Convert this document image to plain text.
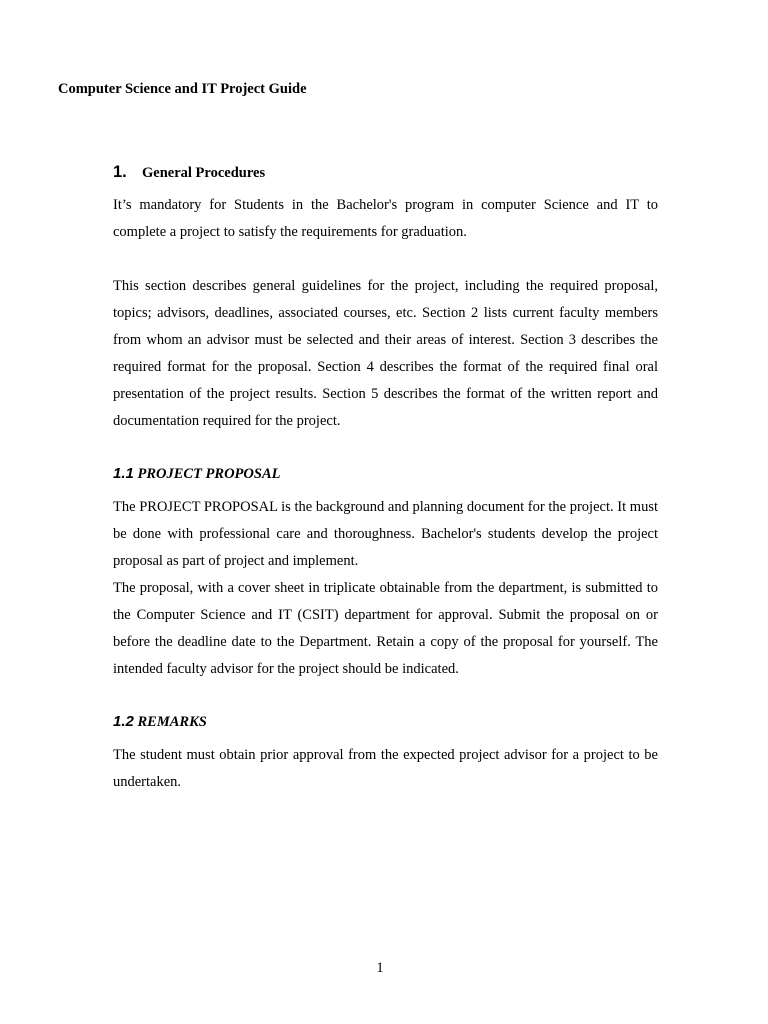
Computer Science and IT Project Guide
1. General Procedures

It’s mandatory for Students in the Bachelor's program in computer Science and IT to complete a project to satisfy the requirements for graduation.

This section describes general guidelines for the project, including the required proposal, topics; advisors, deadlines, associated courses, etc. Section 2 lists current faculty members from whom an advisor must be selected and their areas of interest. Section 3 describes the required format for the proposal. Section 4 describes the format of the required final oral presentation of the project results. Section 5 describes the format of the written report and documentation required for the project.

1.1 PROJECT PROPOSAL

The PROJECT PROPOSAL is the background and planning document for the project. It must be done with professional care and thoroughness. Bachelor's students develop the project proposal as part of project and implement.

The proposal, with a cover sheet in triplicate obtainable from the department, is submitted to the Computer Science and IT (CSIT) department for approval. Submit the proposal on or before the deadline date to the Department. Retain a copy of the proposal for yourself. The intended faculty advisor for the project should be indicated.

1.2 REMARKS

The student must obtain prior approval from the expected project advisor for a project to be undertaken.

1
